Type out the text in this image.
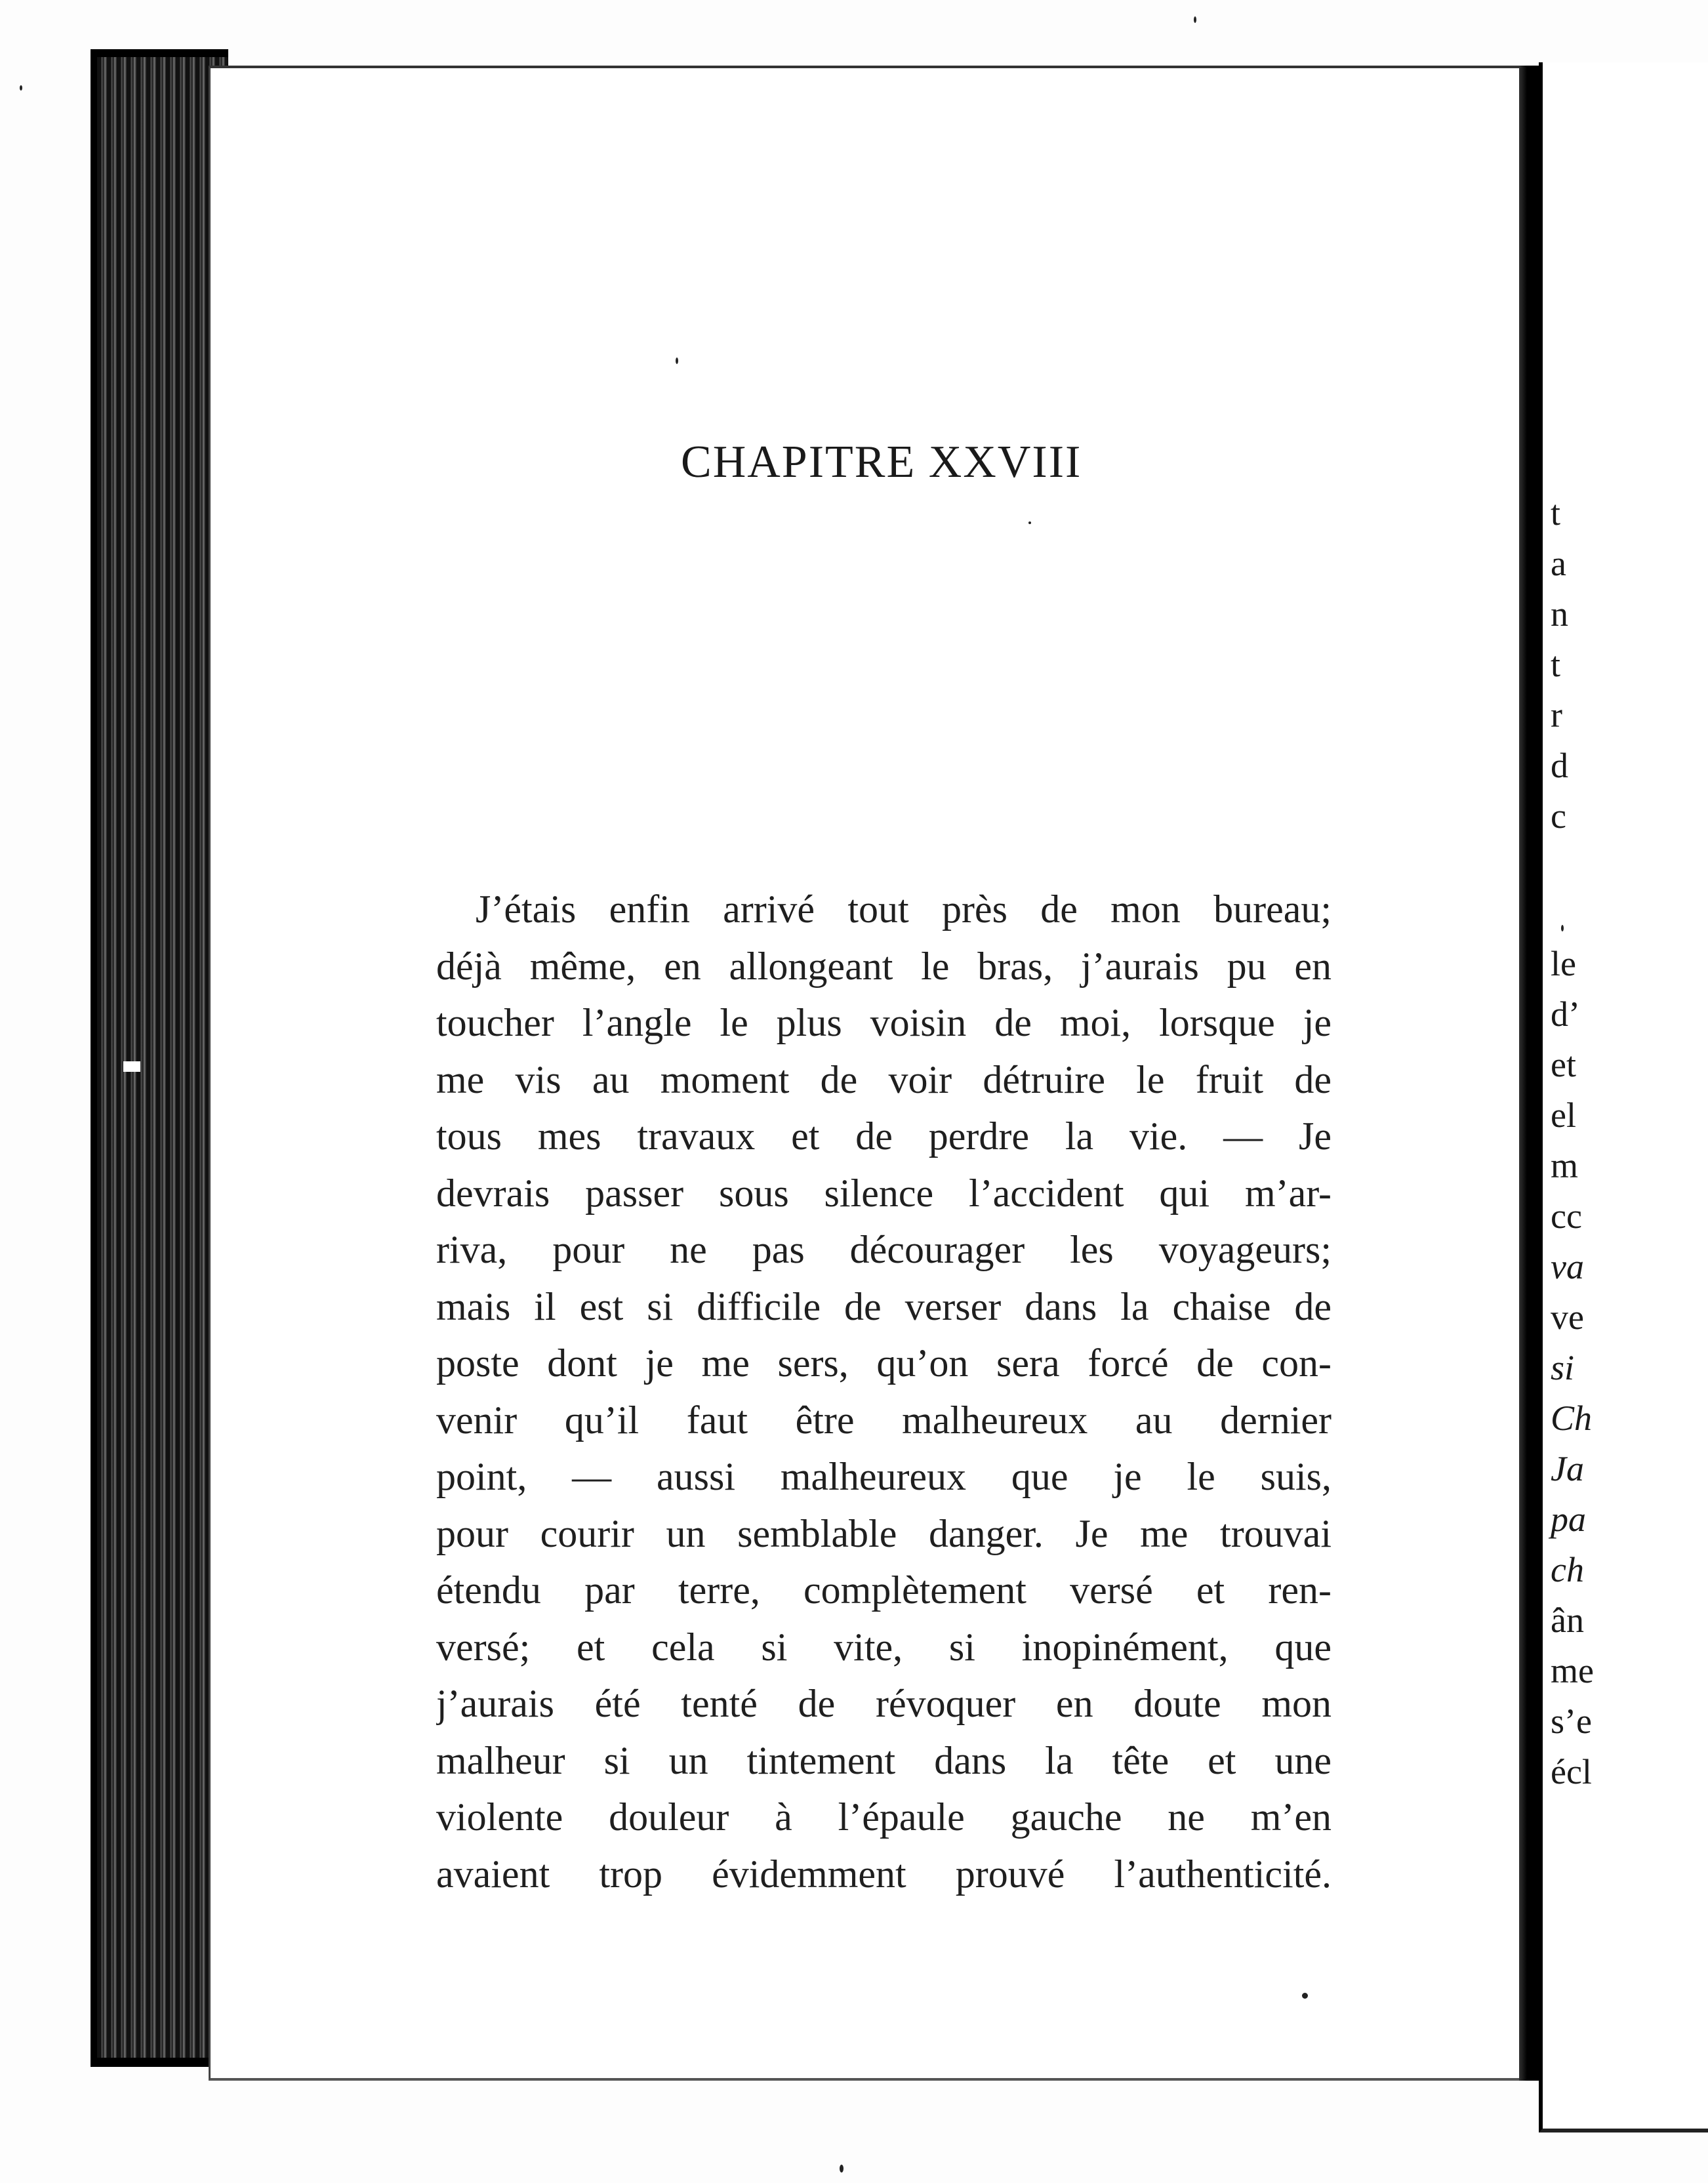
CHAPITRE XXVIII
J’étais enfin arrivé tout près de mon bureau;
déjà même, en allongeant le bras, j’aurais pu en
toucher l’angle le plus voisin de moi, lorsque je
me vis au moment de voir détruire le fruit de
tous mes travaux et de perdre la vie. — Je
devrais passer sous silence l’accident qui m’ar-
riva, pour ne pas décourager les voyageurs;
mais il est si difficile de verser dans la chaise de
poste dont je me sers, qu’on sera forcé de con-
venir qu’il faut être malheureux au dernier
point, — aussi malheureux que je le suis,
pour courir un semblable danger. Je me trouvai
étendu par terre, complètement versé et ren-
versé; et cela si vite, si inopinément, que
j’aurais été tenté de révoquer en doute mon
malheur si un tintement dans la tête et une
violente douleur à l’épaule gauche ne m’en
avaient trop évidemment prouvé l’authenticité.
t
a
n
t
r
d
c
le
d’
et
el
m
cc
va
ve
si
Ch
Ja
pa
ch
ân
me
s’e
écl
